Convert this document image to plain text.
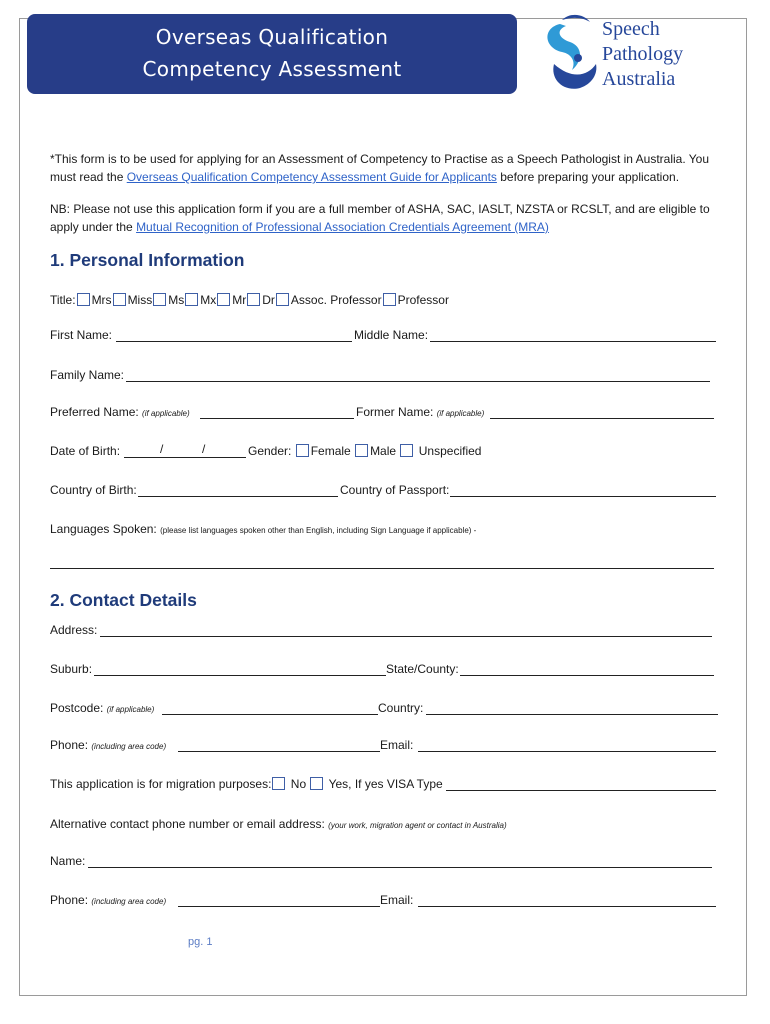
Overseas Qualification
Competency Assessment
Speech
Pathology
Australia
*This form is to be used for applying for an Assessment of Competency to Practise as a Speech Pathologist in Australia. You must read the Overseas Qualification Competency Assessment Guide for Applicants before preparing your application.
NB: Please not use this application form if you are a full member of ASHA, SAC, IASLT, NZSTA or RCSLT, and are eligible to apply under the Mutual Recognition of Professional Association Credentials Agreement (MRA)
1. Personal Information
Title: Mrs Miss Ms Mx Mr Dr Assoc. Professor Professor
First Name:	Middle Name:
Family Name:
Preferred Name: (if applicable)	Former Name: (if applicable)
Date of Birth:	/	/	Gender: Female Male Unspecified
Country of Birth:	Country of Passport:
Languages Spoken: (please list languages spoken other than English, including Sign Language if applicable) -
2. Contact Details
Address:
Suburb:	State/County:
Postcode: (if applicable)	Country:
Phone: (including area code)	Email:
This application is for migration purposes: No Yes, If yes VISA Type
Alternative contact phone number or email address: (your work, migration agent or contact in Australia)
Name:
Phone: (including area code)	Email:
pg. 1
